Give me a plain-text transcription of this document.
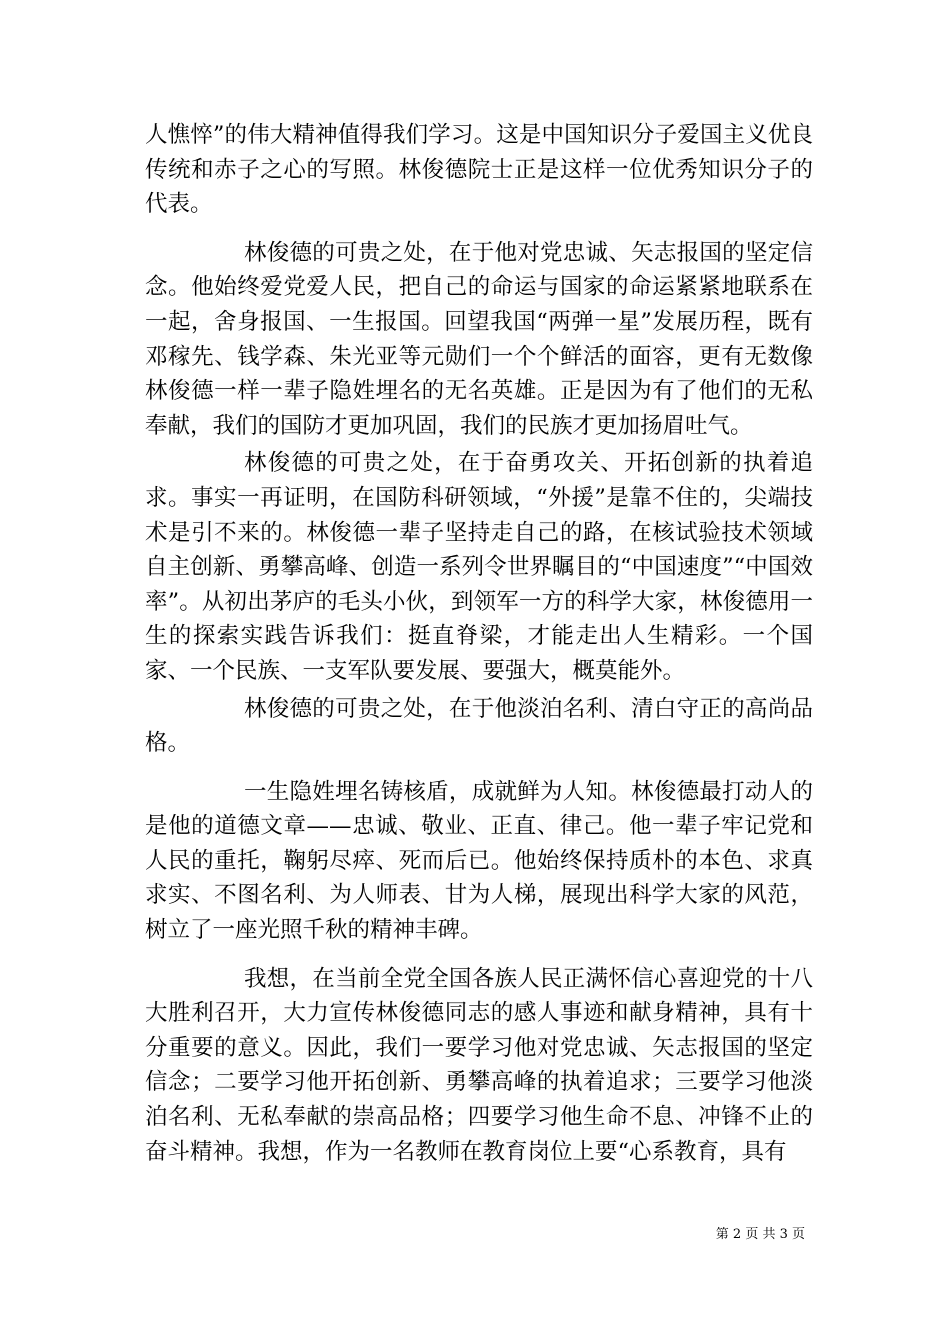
人憔悴”的伟大精神值得我们学习。这是中国知识分子爱国主义优良传统和赤子之心的写照。林俊德院士正是这样一位优秀知识分子的代表。

林俊德的可贵之处，在于他对党忠诚、矢志报国的坚定信念。他始终爱党爱人民，把自己的命运与国家的命运紧紧地联系在一起，舍身报国、一生报国。回望我国“两弹一星”发展历程，既有邓稼先、钱学森、朱光亚等元勋们一个个鲜活的面容，更有无数像林俊德一样一辈子隐姓埋名的无名英雄。正是因为有了他们的无私奉献，我们的国防才更加巩固，我们的民族才更加扬眉吐气。

林俊德的可贵之处，在于奋勇攻关、开拓创新的执着追求。事实一再证明，在国防科研领域，“外援”是靠不住的，尖端技术是引不来的。林俊德一辈子坚持走自己的路，在核试验技术领域自主创新、勇攀高峰、创造一系列令世界瞩目的“中国速度”“中国效率”。从初出茅庐的毛头小伙，到领军一方的科学大家，林俊德用一生的探索实践告诉我们：挺直脊梁，才能走出人生精彩。一个国家、一个民族、一支军队要发展、要强大，概莫能外。

林俊德的可贵之处，在于他淡泊名利、清白守正的高尚品格。

一生隐姓埋名铸核盾，成就鲜为人知。林俊德最打动人的是他的道德文章——忠诚、敬业、正直、律己。他一辈子牢记党和人民的重托，鞠躬尽瘁、死而后已。他始终保持质朴的本色、求真求实、不图名利、为人师表、甘为人梯，展现出科学大家的风范，树立了一座光照千秋的精神丰碑。

我想，在当前全党全国各族人民正满怀信心喜迎党的十八大胜利召开，大力宣传林俊德同志的感人事迹和献身精神，具有十分重要的意义。因此，我们一要学习他对党忠诚、矢志报国的坚定信念；二要学习他开拓创新、勇攀高峰的执着追求；三要学习他淡泊名利、无私奉献的崇高品格；四要学习他生命不息、冲锋不止的奋斗精神。我想，作为一名教师在教育岗位上要“心系教育，具有

第 2 页 共 3 页
